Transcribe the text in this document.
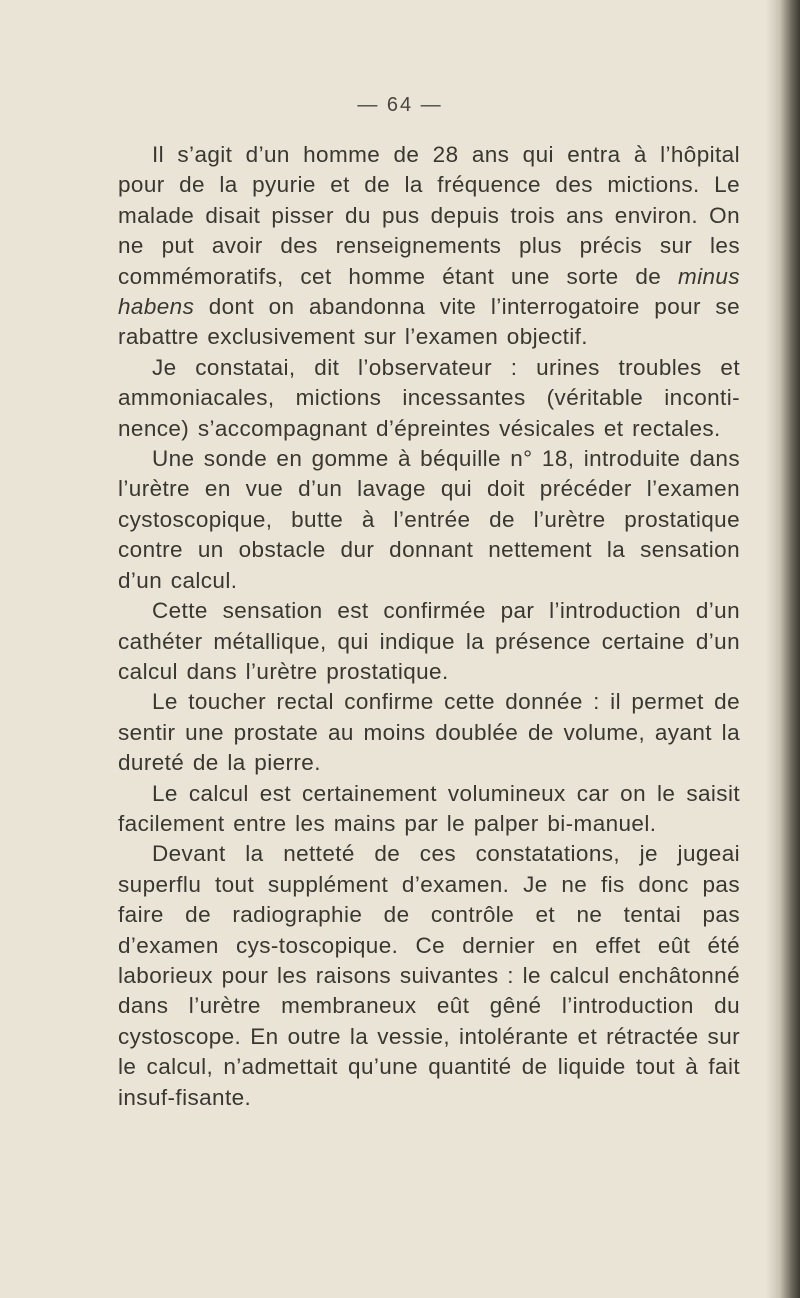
— 64 —

Il s’agit d’un homme de 28 ans qui entra à l’hôpital pour de la pyurie et de la fréquence des mictions. Le malade disait pisser du pus depuis trois ans environ. On ne put avoir des renseignements plus précis sur les commémoratifs, cet homme étant une sorte de minus habens dont on abandonna vite l’interrogatoire pour se rabattre exclusivement sur l’examen objectif.

Je constatai, dit l’observateur : urines troubles et ammoniacales, mictions incessantes (véritable inconti-nence) s’accompagnant d’épreintes vésicales et rectales.

Une sonde en gomme à béquille n° 18, introduite dans l’urètre en vue d’un lavage qui doit précéder l’examen cystoscopique, butte à l’entrée de l’urètre prostatique contre un obstacle dur donnant nettement la sensation d’un calcul.

Cette sensation est confirmée par l’introduction d’un cathéter métallique, qui indique la présence certaine d’un calcul dans l’urètre prostatique.

Le toucher rectal confirme cette donnée : il permet de sentir une prostate au moins doublée de volume, ayant la dureté de la pierre.

Le calcul est certainement volumineux car on le saisit facilement entre les mains par le palper bi-manuel.

Devant la netteté de ces constatations, je jugeai superflu tout supplément d’examen. Je ne fis donc pas faire de radiographie de contrôle et ne tentai pas d’examen cys-toscopique. Ce dernier en effet eût été laborieux pour les raisons suivantes : le calcul enchâtonné dans l’urètre membraneux eût gêné l’introduction du cystoscope. En outre la vessie, intolérante et rétractée sur le calcul, n’admettait qu’une quantité de liquide tout à fait insuf-fisante.
